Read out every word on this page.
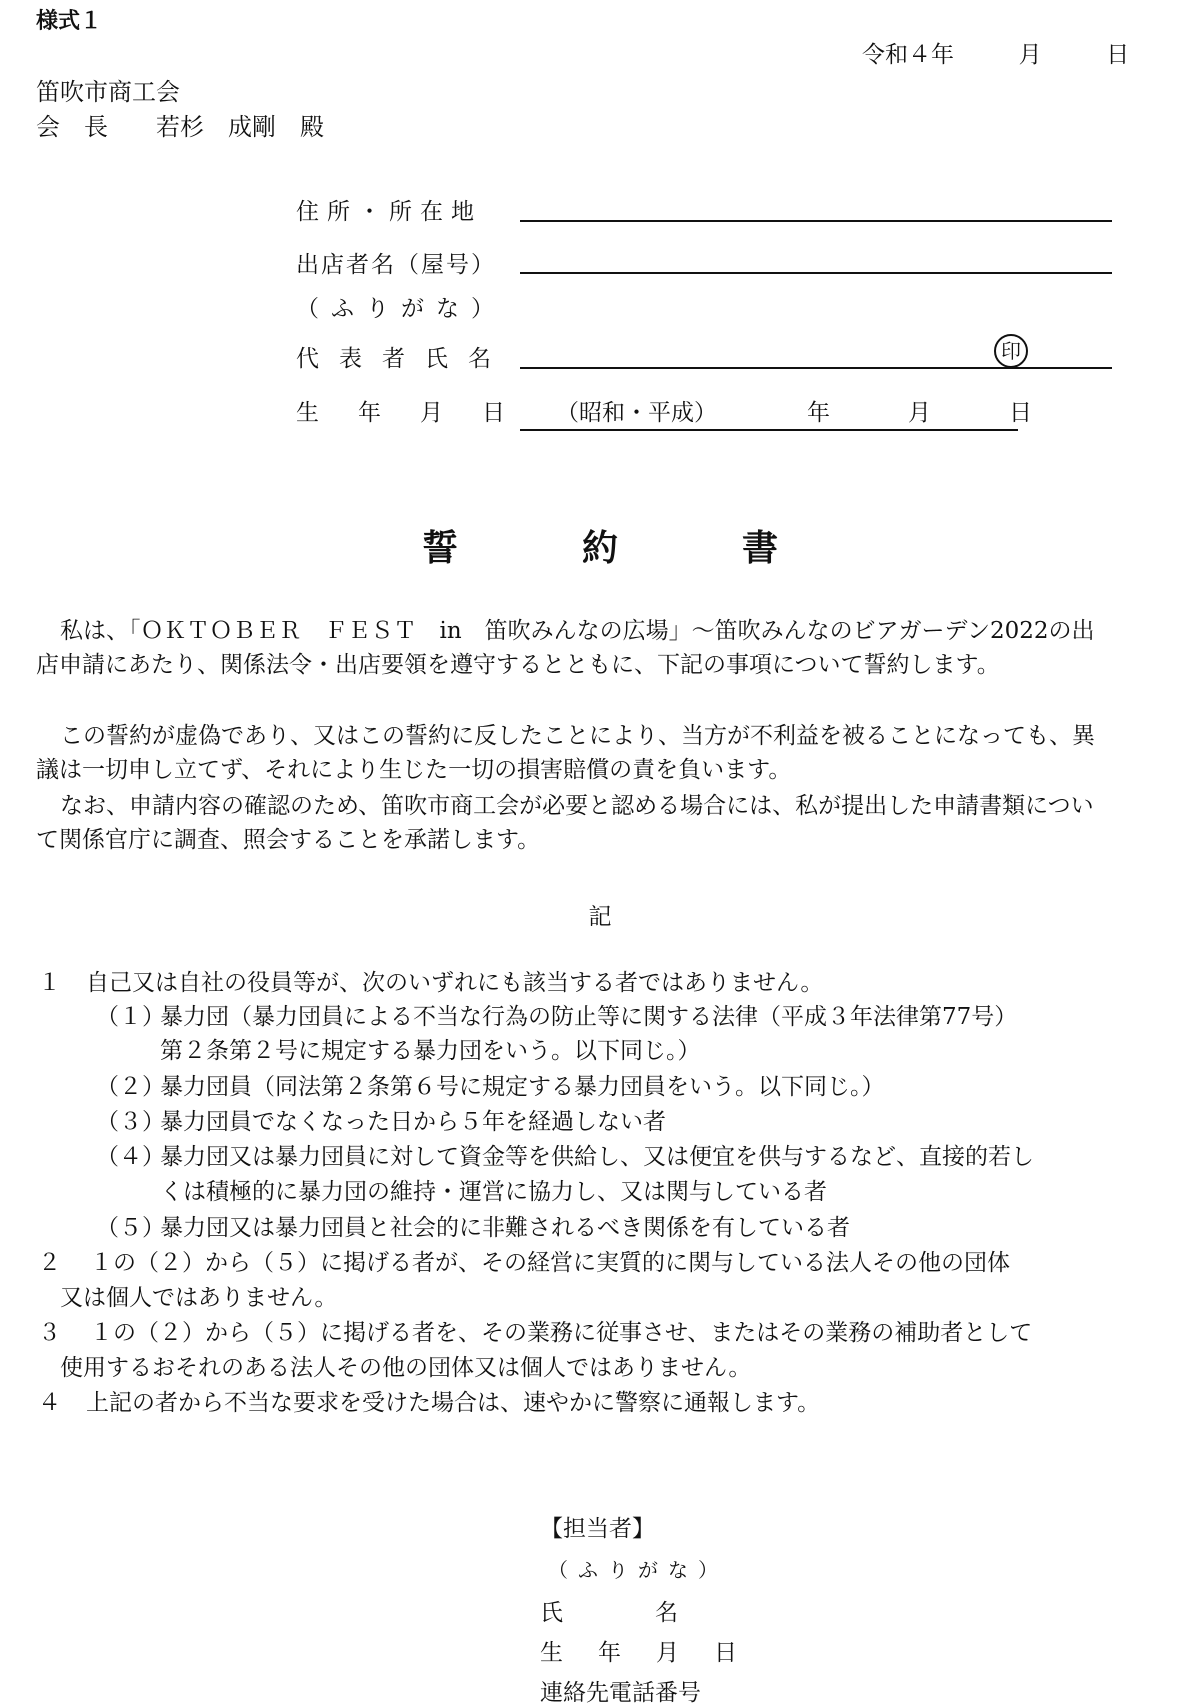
様式１
令和４年	月	日
笛吹市商工会
会　長 若杉　成剛　殿
住所・所在地
出店者名（屋号）
（ふりがな）
代表者氏名	印
生　年　月　日	（昭和・平成）	年	月	日
誓	約	書
私は、「ＯＫＴＯＢＥＲ　ＦＥＳＴ　in　笛吹みんなの広場」～笛吹みんなのビアガーデン2022の出店申請にあたり、関係法令・出店要領を遵守するとともに、下記の事項について誓約します。
この誓約が虚偽であり、又はこの誓約に反したことにより、当方が不利益を被ることになっても、異議は一切申し立てず、それにより生じた一切の損害賠償の責を負います。
なお、申請内容の確認のため、笛吹市商工会が必要と認める場合には、私が提出した申請書類について関係官庁に調査、照会することを承諾します。
記
１ 自己又は自社の役員等が、次のいずれにも該当する者ではありません。
（１）暴力団（暴力団員による不当な行為の防止等に関する法律（平成３年法律第77号）
第２条第２号に規定する暴力団をいう。以下同じ。）
（２）暴力団員（同法第２条第６号に規定する暴力団員をいう。以下同じ。）
（３）暴力団員でなくなった日から５年を経過しない者
（４）暴力団又は暴力団員に対して資金等を供給し、又は便宜を供与するなど、直接的若し
くは積極的に暴力団の維持・運営に協力し、又は関与している者
（５）暴力団又は暴力団員と社会的に非難されるべき関係を有している者
２ １の（２）から（５）に掲げる者が、その経営に実質的に関与している法人その他の団体
又は個人ではありません。
３ １の（２）から（５）に掲げる者を、その業務に従事させ、またはその業務の補助者として
使用するおそれのある法人その他の団体又は個人ではありません。
４ 上記の者から不当な要求を受けた場合は、速やかに警察に通報します。
【担当者】
（ふりがな）
氏　　　　名
生　年　月　日
連絡先電話番号
